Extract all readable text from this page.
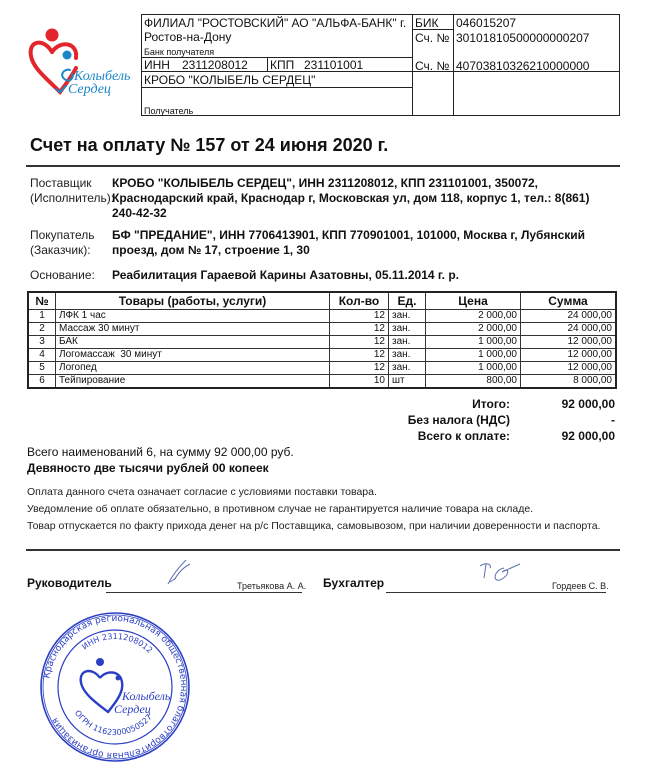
Колыбель
Сердец
ФИЛИАЛ "РОСТОВСКИЙ" АО "АЛЬФА-БАНК" г.
Ростов-на-Дону
Банк получателя
БИК 046015207
Сч. № 30101810500000000207
ИНН 2311208012 КПП 231101001	Сч. № 40703810326210000000
КРОБО "КОЛЫБЕЛЬ СЕРДЕЦ"
Получатель
Счет на оплату № 157 от 24 июня 2020 г.
Поставщик
(Исполнитель):
КРОБО "КОЛЫБЕЛЬ СЕРДЕЦ", ИНН 2311208012, КПП 231101001, 350072, Краснодарский край, Краснодар г, Московская ул, дом 118, корпус 1, тел.: 8(861) 240-42-32
Покупатель
(Заказчик):
БФ "ПРЕДАНИЕ", ИНН 7706413901, КПП 770901001, 101000, Москва г, Лубянский проезд, дом № 17, строение 1, 30
Основание: Реабилитация Гараевой Карины Азатовны, 05.11.2014 г. р.
№	Товары (работы, услуги)	Кол-во	Ед.	Цена	Сумма
1	ЛФК 1 час	12	зан.	2 000,00	24 000,00
2	Массаж 30 минут	12	зан.	2 000,00	24 000,00
3	БАК	12	зан.	1 000,00	12 000,00
4	Логомассаж  30 минут	12	зан.	1 000,00	12 000,00
5	Логопед	12	зан.	1 000,00	12 000,00
6	Тейпирование	10	шт	800,00	8 000,00
Итого:	92 000,00
Без налога (НДС)	-
Всего к оплате:	92 000,00
Всего наименований 6, на сумму 92 000,00 руб.
Девяносто две тысячи рублей 00 копеек
Оплата данного счета означает согласие с условиями поставки товара.
Уведомление об оплате обязательно, в противном случае не гарантируется наличие товара на складе.
Товар отпускается по факту прихода денег на р/с Поставщика, самовывозом, при наличии доверенности и паспорта.
Руководитель	Третьякова А. А. Бухгалтер	Гордеев С. В.
Краснодарская региональная общественная благотворительная организация
ИНН 2311208012
ОГРН 1162300050527
Колыбель
Сердец
